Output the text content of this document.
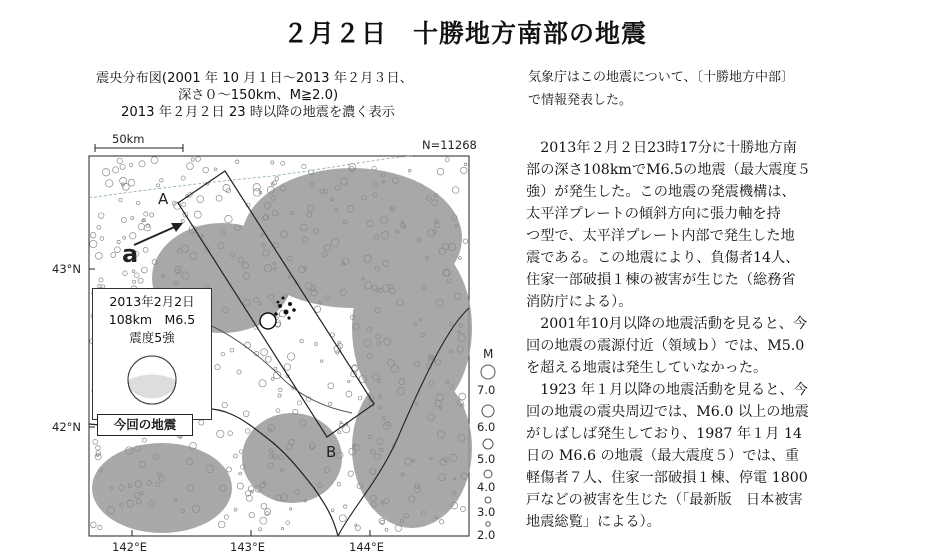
２月２日　十勝地方南部の地震
震央分布図(2001 年 10 月１日～2013 年２月３日、
深さ０～150km、M≧2.0)
2013 年２月２日 23 時以降の地震を濃く表示
50km	N=11268
A
B
a
43°N
42°N
142°E	143°E	144°E
M
7.0
6.0
5.0
4.0
3.0
2.0
2013年2月2日
108km　M6.5
震度5強
今回の地震
気象庁はこの地震について、〔十勝地方中部〕
で情報発表した。
　2013年２月２日23時17分に十勝地方南
部の深さ108kmでM6.5の地震（最大震度５
強）が発生した。この地震の発震機構は、
太平洋プレートの傾斜方向に張力軸を持
つ型で、太平洋プレート内部で発生した地
震である。この地震により、負傷者14人、
住家一部破損１棟の被害が生じた（総務省
消防庁による）。
　2001年10月以降の地震活動を見ると、今
回の地震の震源付近（領域ｂ）では、M5.0
を超える地震は発生していなかった。
　1923 年１月以降の地震活動を見ると、今
回の地震の震央周辺では、M6.0 以上の地震
がしばしば発生しており、1987 年１月 14
日の M6.6 の地震（最大震度５）では、重
軽傷者７人、住家一部破損１棟、停電 1800
戸などの被害を生じた（「最新版　日本被害
地震総覧」による）。
